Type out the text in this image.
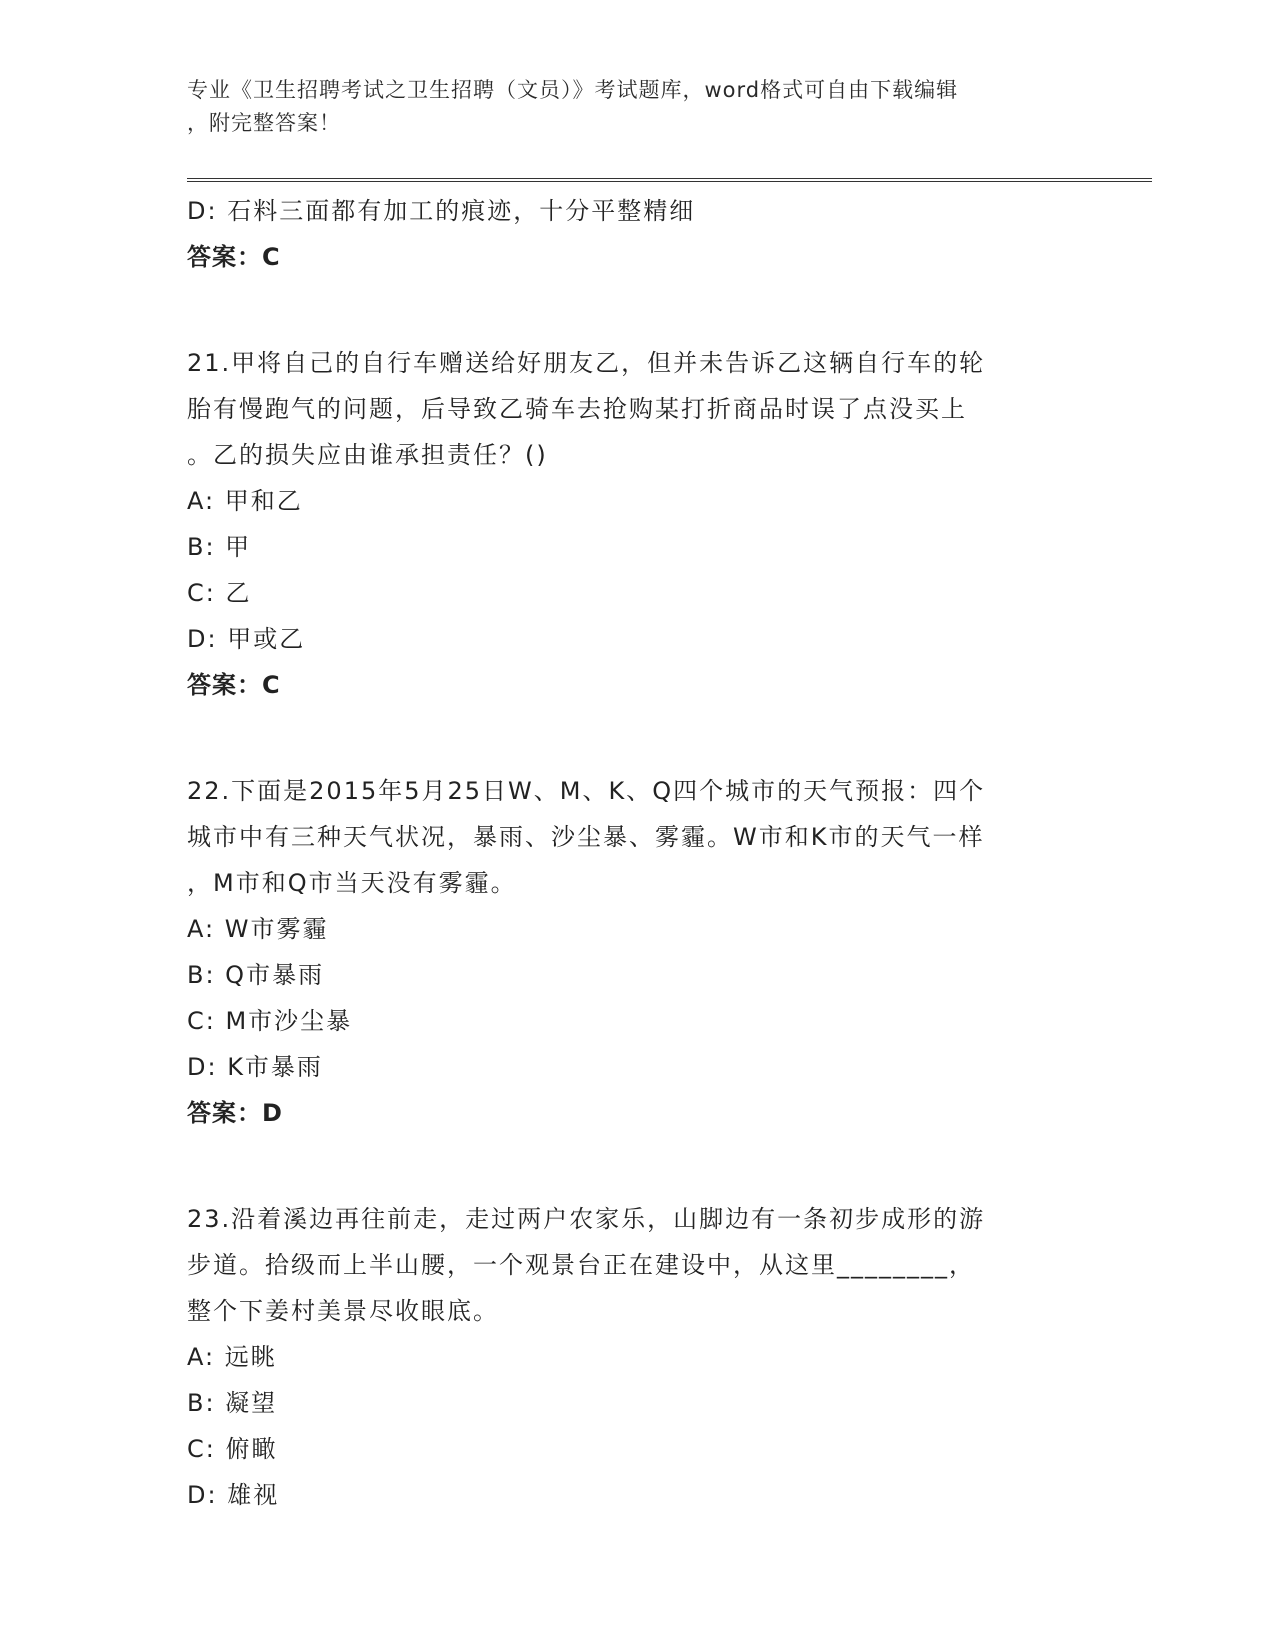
专业《卫生招聘考试之卫生招聘（文员）》考试题库，word格式可自由下载编辑
，附完整答案！
D: 石料三面都有加工的痕迹，十分平整精细
答案：C
21.甲将自己的自行车赠送给好朋友乙，但并未告诉乙这辆自行车的轮
胎有慢跑气的问题，后导致乙骑车去抢购某打折商品时误了点没买上
。乙的损失应由谁承担责任？()
A: 甲和乙
B: 甲
C: 乙
D: 甲或乙
答案：C
22.下面是2015年5月25日W、M、K、Q四个城市的天气预报：四个
城市中有三种天气状况，暴雨、沙尘暴、雾霾。W市和K市的天气一样
，M市和Q市当天没有雾霾。
A: W市雾霾
B: Q市暴雨
C: M市沙尘暴
D: K市暴雨
答案：D
23.沿着溪边再往前走，走过两户农家乐，山脚边有一条初步成形的游
步道。拾级而上半山腰，一个观景台正在建设中，从这里________，
整个下姜村美景尽收眼底。
A: 远眺
B: 凝望
C: 俯瞰
D: 雄视
